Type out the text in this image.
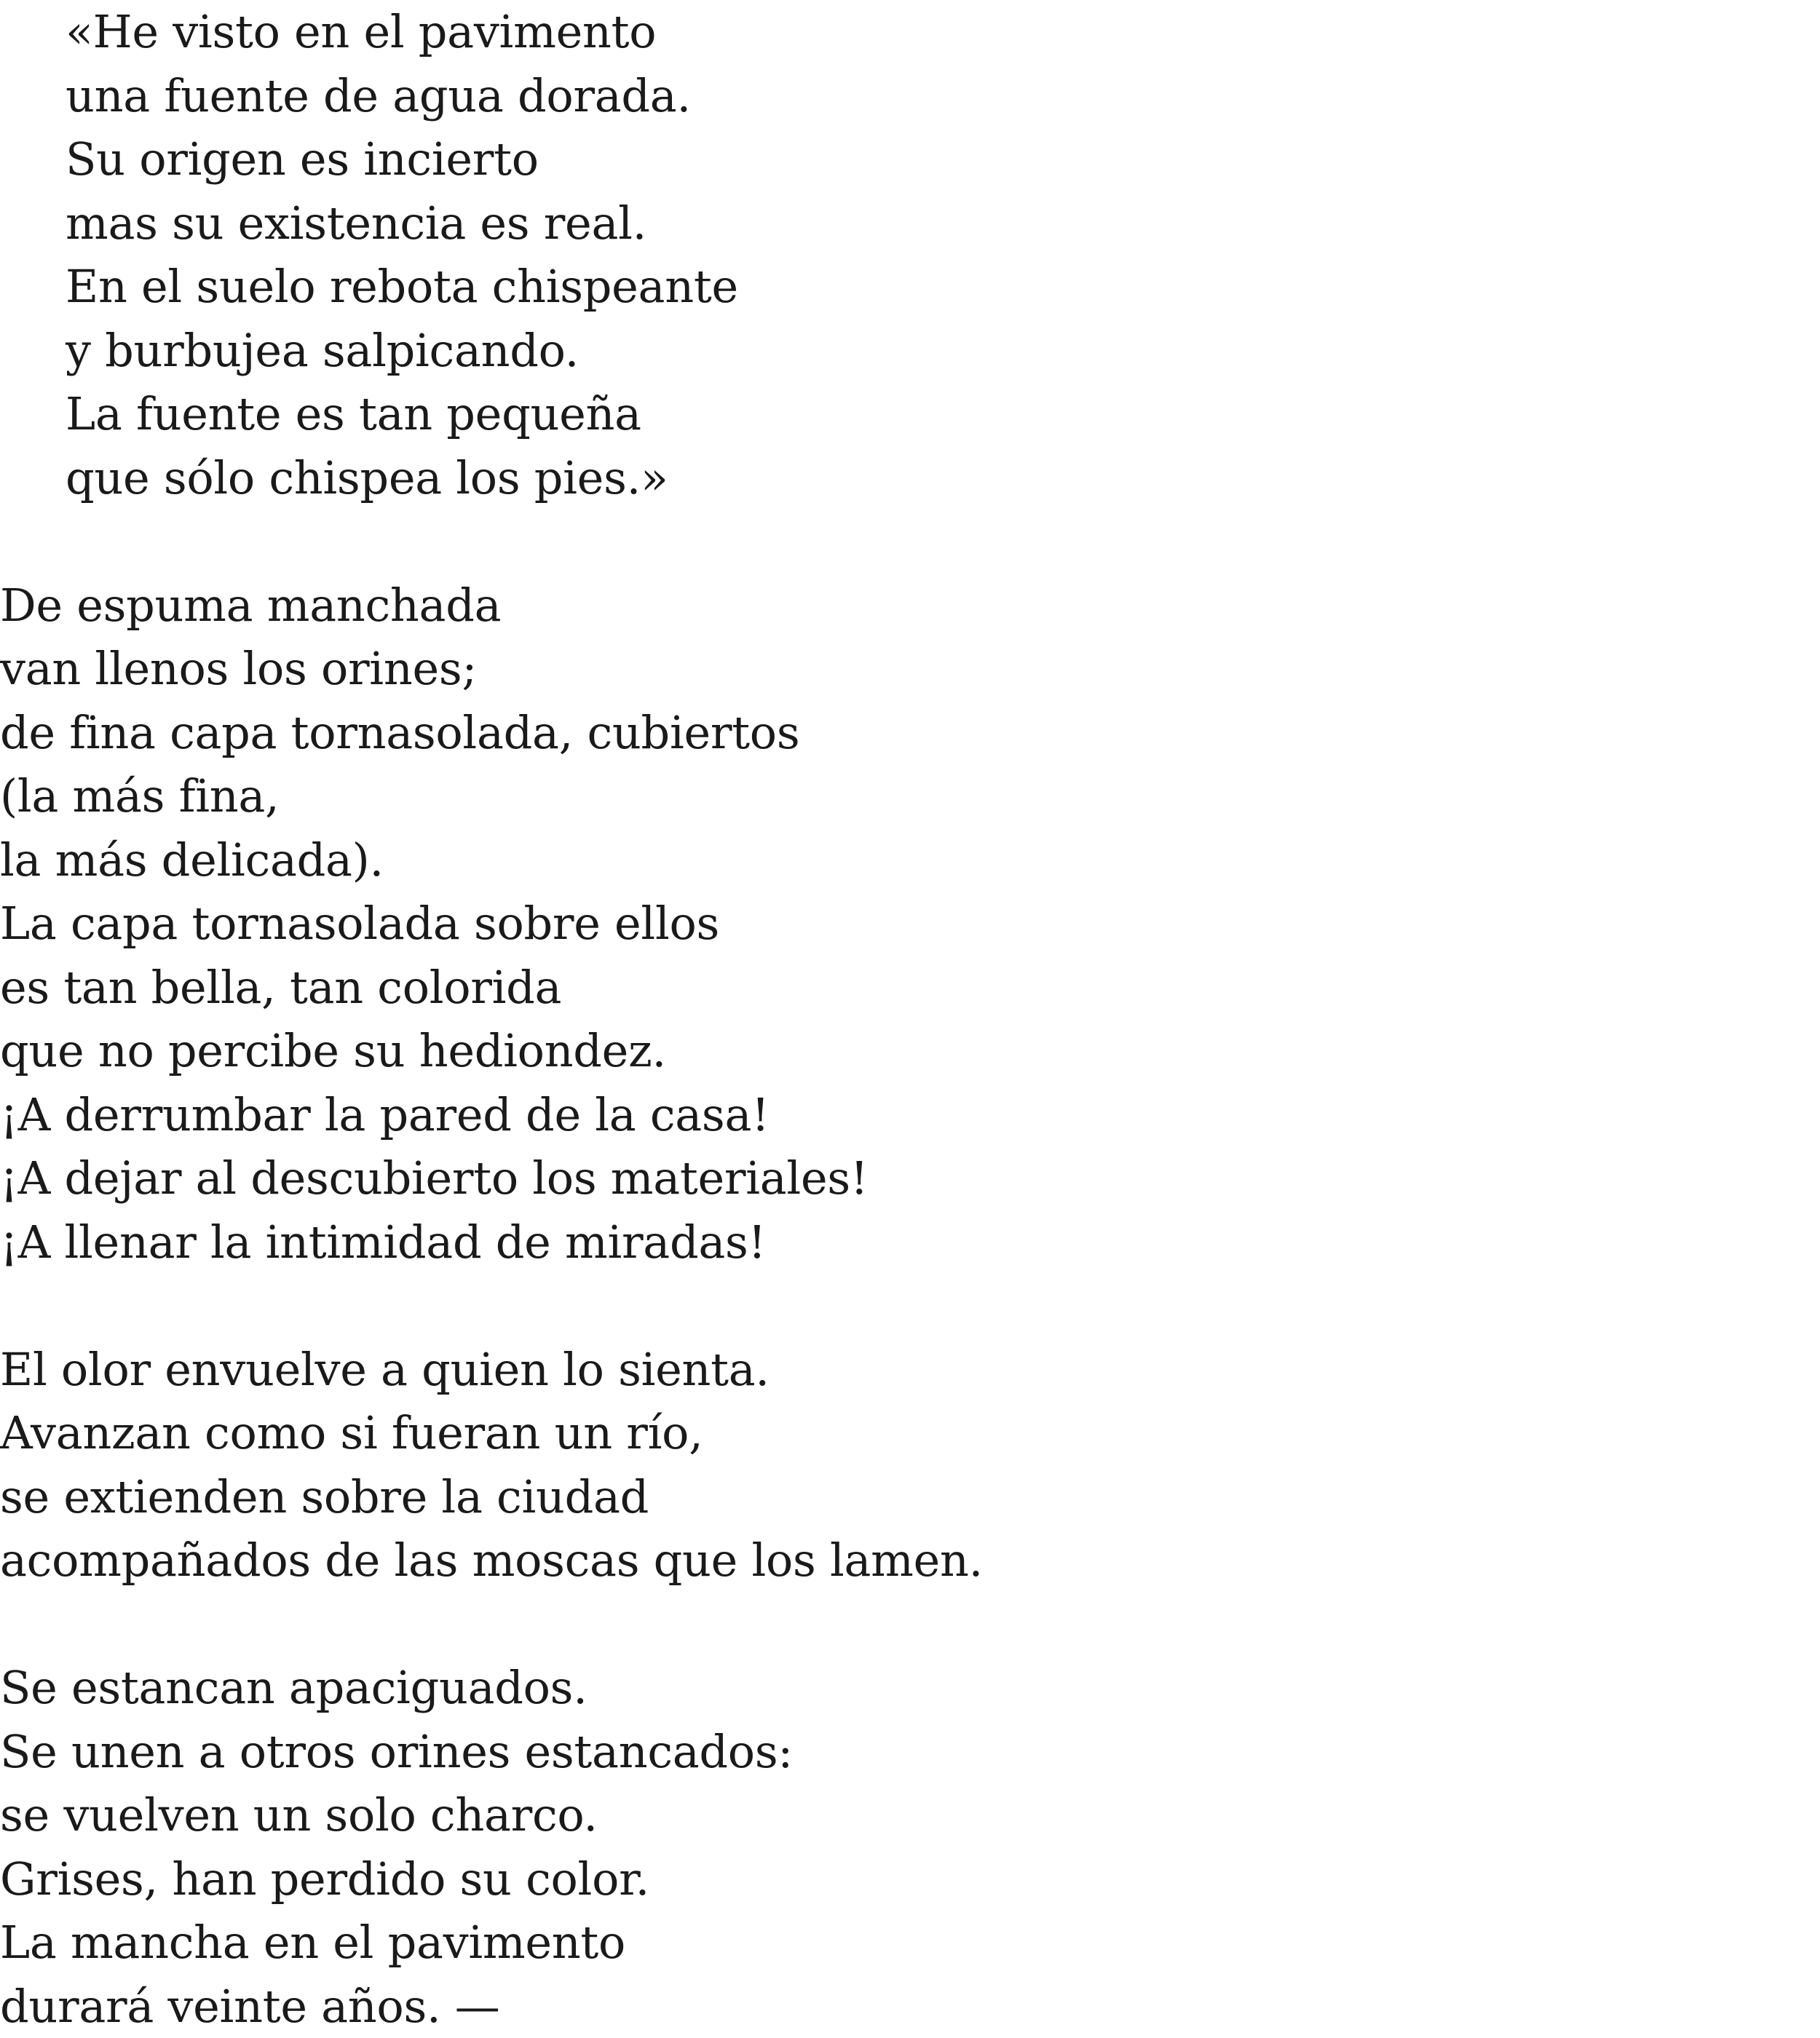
«He visto en el pavimento
una fuente de agua dorada.
Su origen es incierto
mas su existencia es real.
En el suelo rebota chispeante
y burbujea salpicando.
La fuente es tan pequeña
que sólo chispea los pies.»
De espuma manchada
van llenos los orines;
de fina capa tornasolada, cubiertos
(la más fina,
la más delicada).
La capa tornasolada sobre ellos
es tan bella, tan colorida
que no percibe su hediondez.
¡A derrumbar la pared de la casa!
¡A dejar al descubierto los materiales!
¡A llenar la intimidad de miradas!
El olor envuelve a quien lo sienta.
Avanzan como si fueran un río,
se extienden sobre la ciudad
acompañados de las moscas que los lamen.
Se estancan apaciguados.
Se unen a otros orines estancados:
se vuelven un solo charco.
Grises, han perdido su color.
La mancha en el pavimento
durará veinte años. —
